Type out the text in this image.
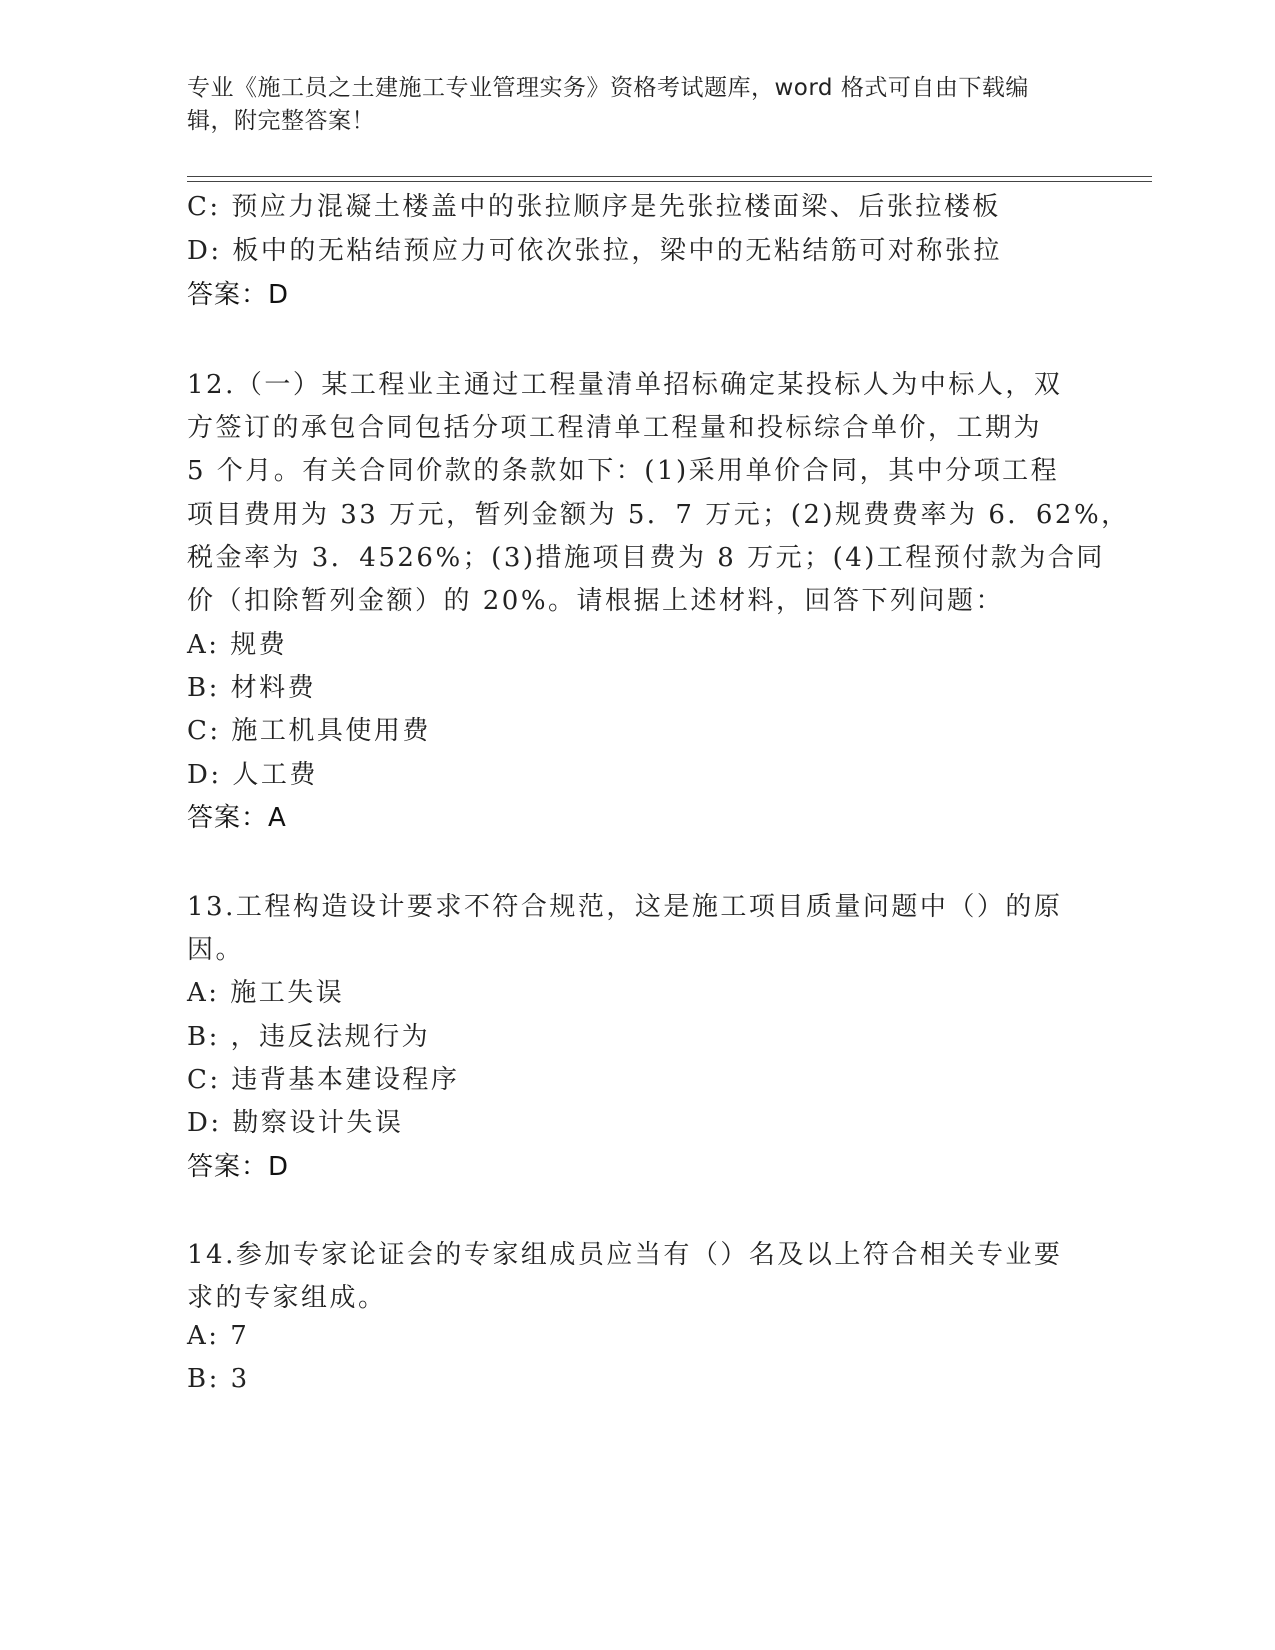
专业《施工员之土建施工专业管理实务》资格考试题库，word 格式可自由下载编
辑，附完整答案！
C: 预应力混凝土楼盖中的张拉顺序是先张拉楼面梁、后张拉楼板
D: 板中的无粘结预应力可依次张拉，梁中的无粘结筋可对称张拉
答案：D
12.（一）某工程业主通过工程量清单招标确定某投标人为中标人，双
方签订的承包合同包括分项工程清单工程量和投标综合单价，工期为
5 个月。有关合同价款的条款如下：(1)采用单价合同，其中分项工程
项目费用为 33 万元，暂列金额为 5．7 万元；(2)规费费率为 6．62%，
税金率为 3．4526%；(3)措施项目费为 8 万元；(4)工程预付款为合同
价（扣除暂列金额）的 20%。请根据上述材料，回答下列问题：
A: 规费
B: 材料费
C: 施工机具使用费
D: 人工费
答案：A
13.工程构造设计要求不符合规范，这是施工项目质量问题中（）的原
因。
A: 施工失误
B: ，违反法规行为
C: 违背基本建设程序
D: 勘察设计失误
答案：D
14.参加专家论证会的专家组成员应当有（）名及以上符合相关专业要
求的专家组成。
A: 7
B: 3
